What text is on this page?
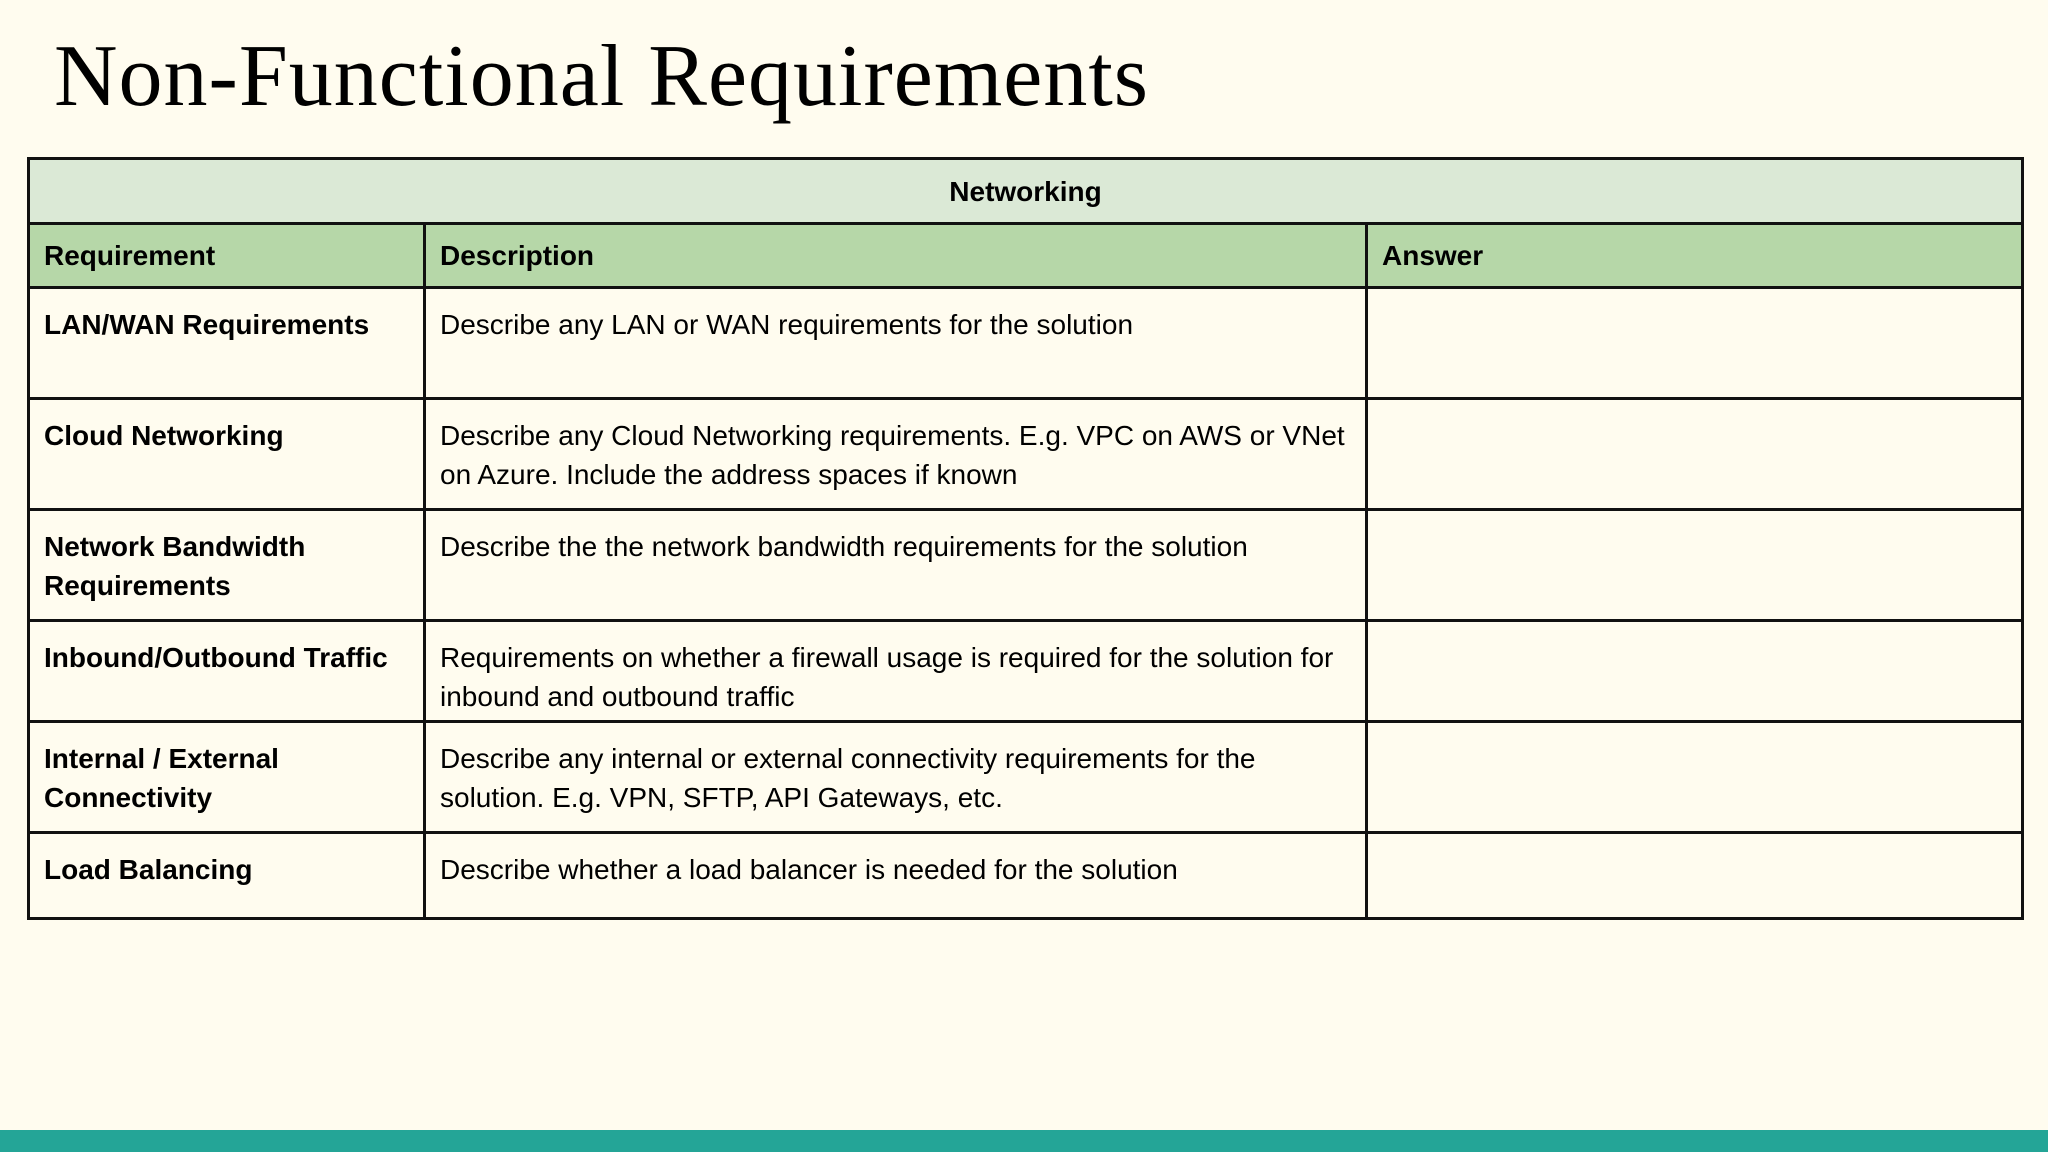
Non-Functional Requirements
Networking		
Requirement	Description	Answer
LAN/WAN Requirements	Describe any LAN or WAN requirements for the solution	
Cloud Networking	Describe any Cloud Networking requirements. E.g. VPC on AWS or VNet on Azure. Include the address spaces if known	
Network Bandwidth Requirements	Describe the the network bandwidth requirements for the solution	
Inbound/Outbound Traffic	Requirements on whether a firewall usage is required for the solution for inbound and outbound traffic	
Internal / External Connectivity	Describe any internal or external connectivity requirements for the solution. E.g. VPN, SFTP, API Gateways, etc.	
Load Balancing	Describe whether a load balancer is needed for the solution	
